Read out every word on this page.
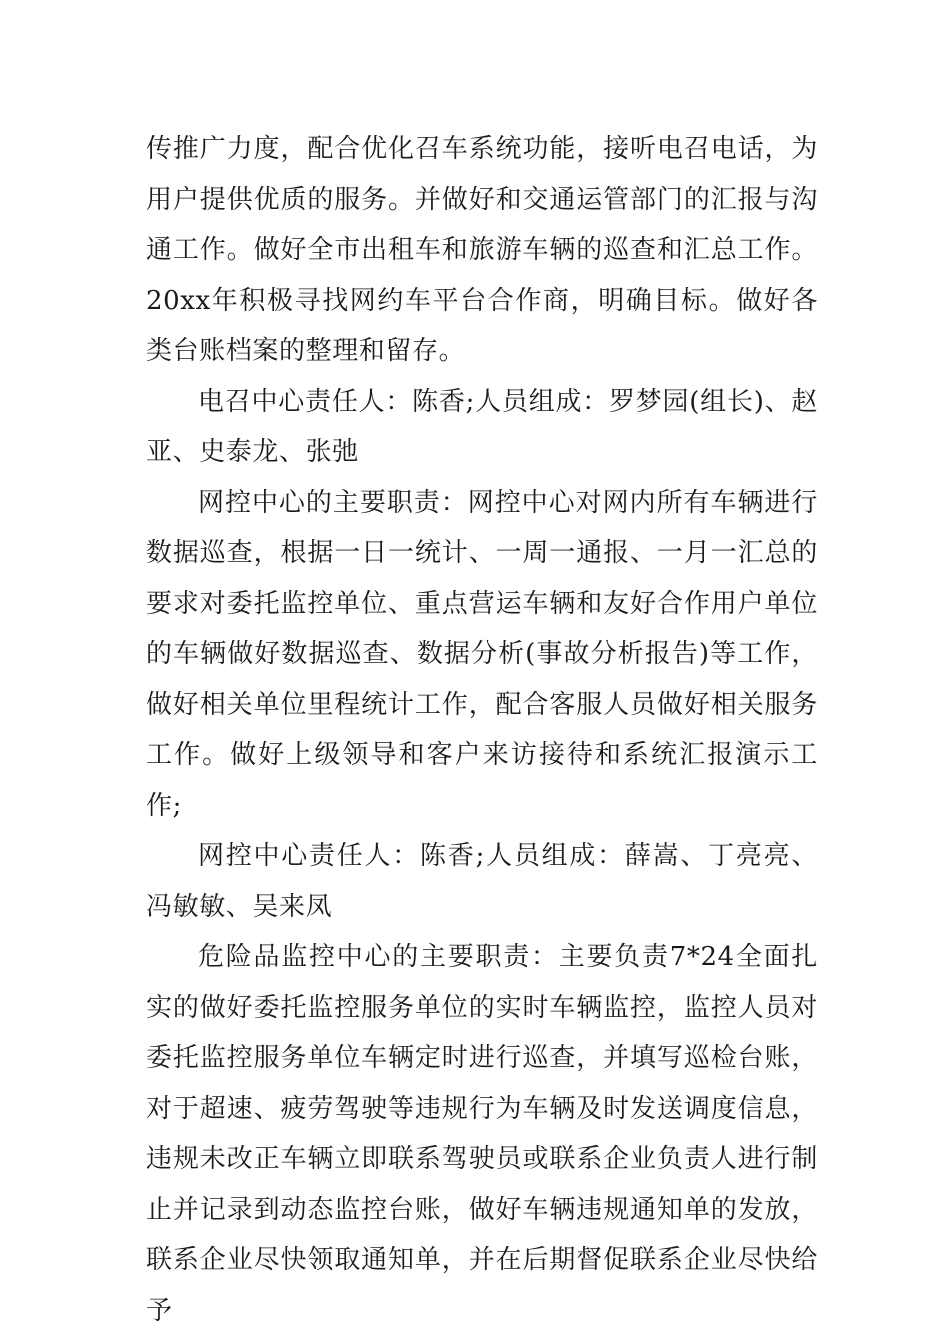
传推广力度，配合优化召车系统功能，接听电召电话，为用户提供优质的服务。并做好和交通运管部门的汇报与沟通工作。做好全市出租车和旅游车辆的巡查和汇总工作。20xx年积极寻找网约车平台合作商，明确目标。做好各类台账档案的整理和留存。

电召中心责任人：陈香;人员组成：罗梦园(组长)、赵亚、史泰龙、张弛

网控中心的主要职责：网控中心对网内所有车辆进行数据巡查，根据一日一统计、一周一通报、一月一汇总的要求对委托监控单位、重点营运车辆和友好合作用户单位的车辆做好数据巡查、数据分析(事故分析报告)等工作，做好相关单位里程统计工作，配合客服人员做好相关服务工作。做好上级领导和客户来访接待和系统汇报演示工作;

网控中心责任人：陈香;人员组成：薛嵩、丁亮亮、冯敏敏、吴来凤

危险品监控中心的主要职责：主要负责7*24全面扎实的做好委托监控服务单位的实时车辆监控，监控人员对委托监控服务单位车辆定时进行巡查，并填写巡检台账，对于超速、疲劳驾驶等违规行为车辆及时发送调度信息，违规未改正车辆立即联系驾驶员或联系企业负责人进行制止并记录到动态监控台账，做好车辆违规通知单的发放，联系企业尽快领取通知单，并在后期督促联系企业尽快给予
